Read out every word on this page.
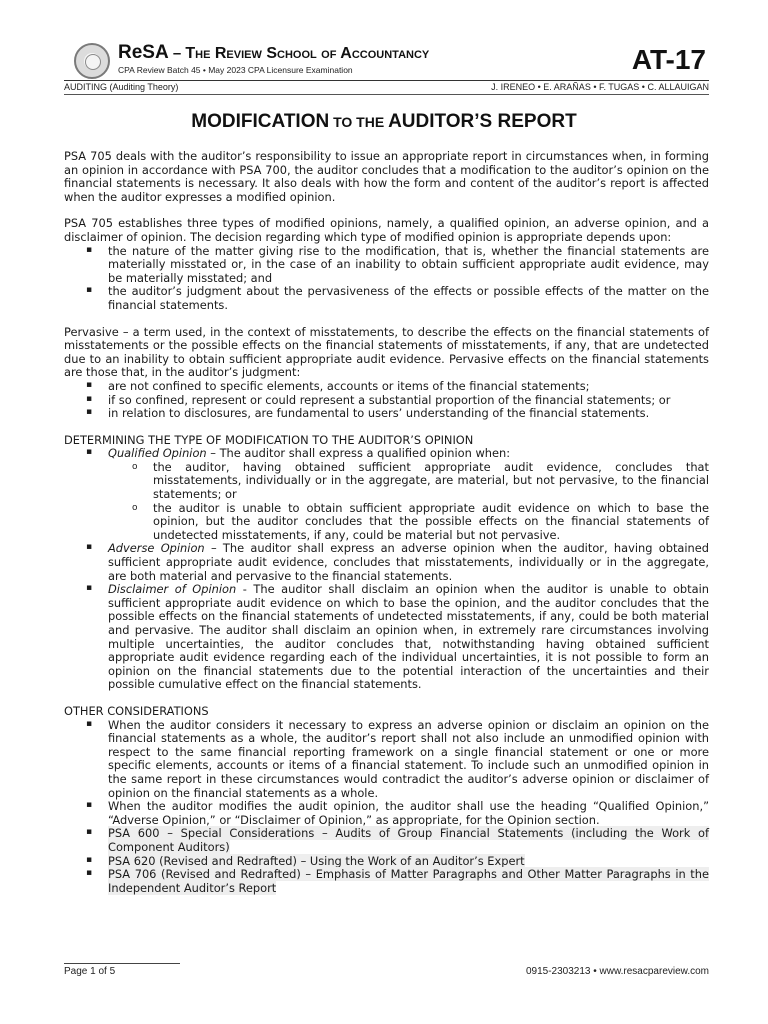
ReSA – The Review School of Accountancy
CPA Review Batch 45 • May 2023 CPA Licensure Examination	AT-17
AUDITING (Auditing Theory)	J. IRENEO • E. ARAÑAS • F. TUGAS • C. ALLAUIGAN
MODIFICATION TO THE AUDITOR’S REPORT

PSA 705 deals with the auditor’s responsibility to issue an appropriate report in circumstances when, in forming an opinion in accordance with PSA 700, the auditor concludes that a modification to the auditor’s opinion on the financial statements is necessary. It also deals with how the form and content of the auditor’s report is affected when the auditor expresses a modified opinion.

PSA 705 establishes three types of modified opinions, namely, a qualified opinion, an adverse opinion, and a disclaimer of opinion. The decision regarding which type of modified opinion is appropriate depends upon:

▪ the nature of the matter giving rise to the modification, that is, whether the financial statements are materially misstated or, in the case of an inability to obtain sufficient appropriate audit evidence, may be materially misstated; and
▪ the auditor’s judgment about the pervasiveness of the effects or possible effects of the matter on the financial statements.

Pervasive – a term used, in the context of misstatements, to describe the effects on the financial statements of misstatements or the possible effects on the financial statements of misstatements, if any, that are undetected due to an inability to obtain sufficient appropriate audit evidence. Pervasive effects on the financial statements are those that, in the auditor’s judgment:

▪ are not confined to specific elements, accounts or items of the financial statements;
▪ if so confined, represent or could represent a substantial proportion of the financial statements; or
▪ in relation to disclosures, are fundamental to users’ understanding of the financial statements.

DETERMINING THE TYPE OF MODIFICATION TO THE AUDITOR’S OPINION

▪ Qualified Opinion – The auditor shall express a qualified opinion when:
o the auditor, having obtained sufficient appropriate audit evidence, concludes that misstatements, individually or in the aggregate, are material, but not pervasive, to the financial statements; or
o the auditor is unable to obtain sufficient appropriate audit evidence on which to base the opinion, but the auditor concludes that the possible effects on the financial statements of undetected misstatements, if any, could be material but not pervasive.
▪ Adverse Opinion – The auditor shall express an adverse opinion when the auditor, having obtained sufficient appropriate audit evidence, concludes that misstatements, individually or in the aggregate, are both material and pervasive to the financial statements.
▪ Disclaimer of Opinion - The auditor shall disclaim an opinion when the auditor is unable to obtain sufficient appropriate audit evidence on which to base the opinion, and the auditor concludes that the possible effects on the financial statements of undetected misstatements, if any, could be both material and pervasive. The auditor shall disclaim an opinion when, in extremely rare circumstances involving multiple uncertainties, the auditor concludes that, notwithstanding having obtained sufficient appropriate audit evidence regarding each of the individual uncertainties, it is not possible to form an opinion on the financial statements due to the potential interaction of the uncertainties and their possible cumulative effect on the financial statements.

OTHER CONSIDERATIONS

▪ When the auditor considers it necessary to express an adverse opinion or disclaim an opinion on the financial statements as a whole, the auditor’s report shall not also include an unmodified opinion with respect to the same financial reporting framework on a single financial statement or one or more specific elements, accounts or items of a financial statement. To include such an unmodified opinion in the same report in these circumstances would contradict the auditor’s adverse opinion or disclaimer of opinion on the financial statements as a whole.
▪ When the auditor modifies the audit opinion, the auditor shall use the heading “Qualified Opinion,” “Adverse Opinion,” or “Disclaimer of Opinion,” as appropriate, for the Opinion section.
▪ PSA 600 – Special Considerations – Audits of Group Financial Statements (including the Work of Component Auditors)
▪ PSA 620 (Revised and Redrafted) – Using the Work of an Auditor’s Expert
▪ PSA 706 (Revised and Redrafted) – Emphasis of Matter Paragraphs and Other Matter Paragraphs in the Independent Auditor’s Report
Page 1 of 5	0915-2303213 • www.resacpareview.com
